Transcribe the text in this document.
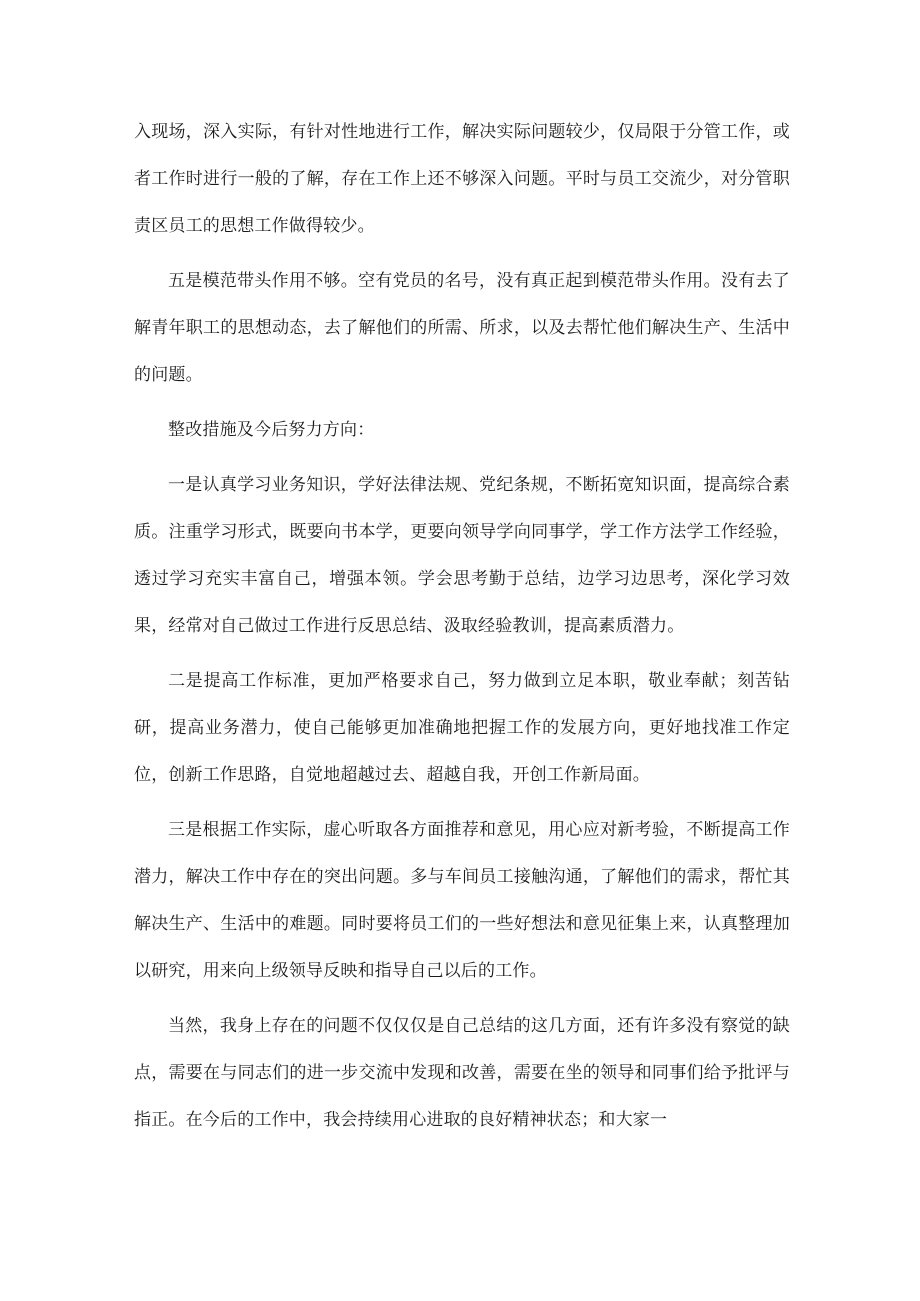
入现场，深入实际，有针对性地进行工作，解决实际问题较少，仅局限于分管工作，或者工作时进行一般的了解，存在工作上还不够深入问题。平时与员工交流少，对分管职责区员工的思想工作做得较少。

五是模范带头作用不够。空有党员的名号，没有真正起到模范带头作用。没有去了解青年职工的思想动态，去了解他们的所需、所求，以及去帮忙他们解决生产、生活中的问题。

整改措施及今后努力方向：

一是认真学习业务知识，学好法律法规、党纪条规，不断拓宽知识面，提高综合素质。注重学习形式，既要向书本学，更要向领导学向同事学，学工作方法学工作经验，透过学习充实丰富自己，增强本领。学会思考勤于总结，边学习边思考，深化学习效果，经常对自己做过工作进行反思总结、汲取经验教训，提高素质潜力。

二是提高工作标准，更加严格要求自己，努力做到立足本职，敬业奉献；刻苦钻研，提高业务潜力，使自己能够更加准确地把握工作的发展方向，更好地找准工作定位，创新工作思路，自觉地超越过去、超越自我，开创工作新局面。

三是根据工作实际，虚心听取各方面推荐和意见，用心应对新考验，不断提高工作潜力，解决工作中存在的突出问题。多与车间员工接触沟通，了解他们的需求，帮忙其解决生产、生活中的难题。同时要将员工们的一些好想法和意见征集上来，认真整理加以研究，用来向上级领导反映和指导自己以后的工作。

当然，我身上存在的问题不仅仅仅是自己总结的这几方面，还有许多没有察觉的缺点，需要在与同志们的进一步交流中发现和改善，需要在坐的领导和同事们给予批评与指正。在今后的工作中，我会持续用心进取的良好精神状态；和大家一
